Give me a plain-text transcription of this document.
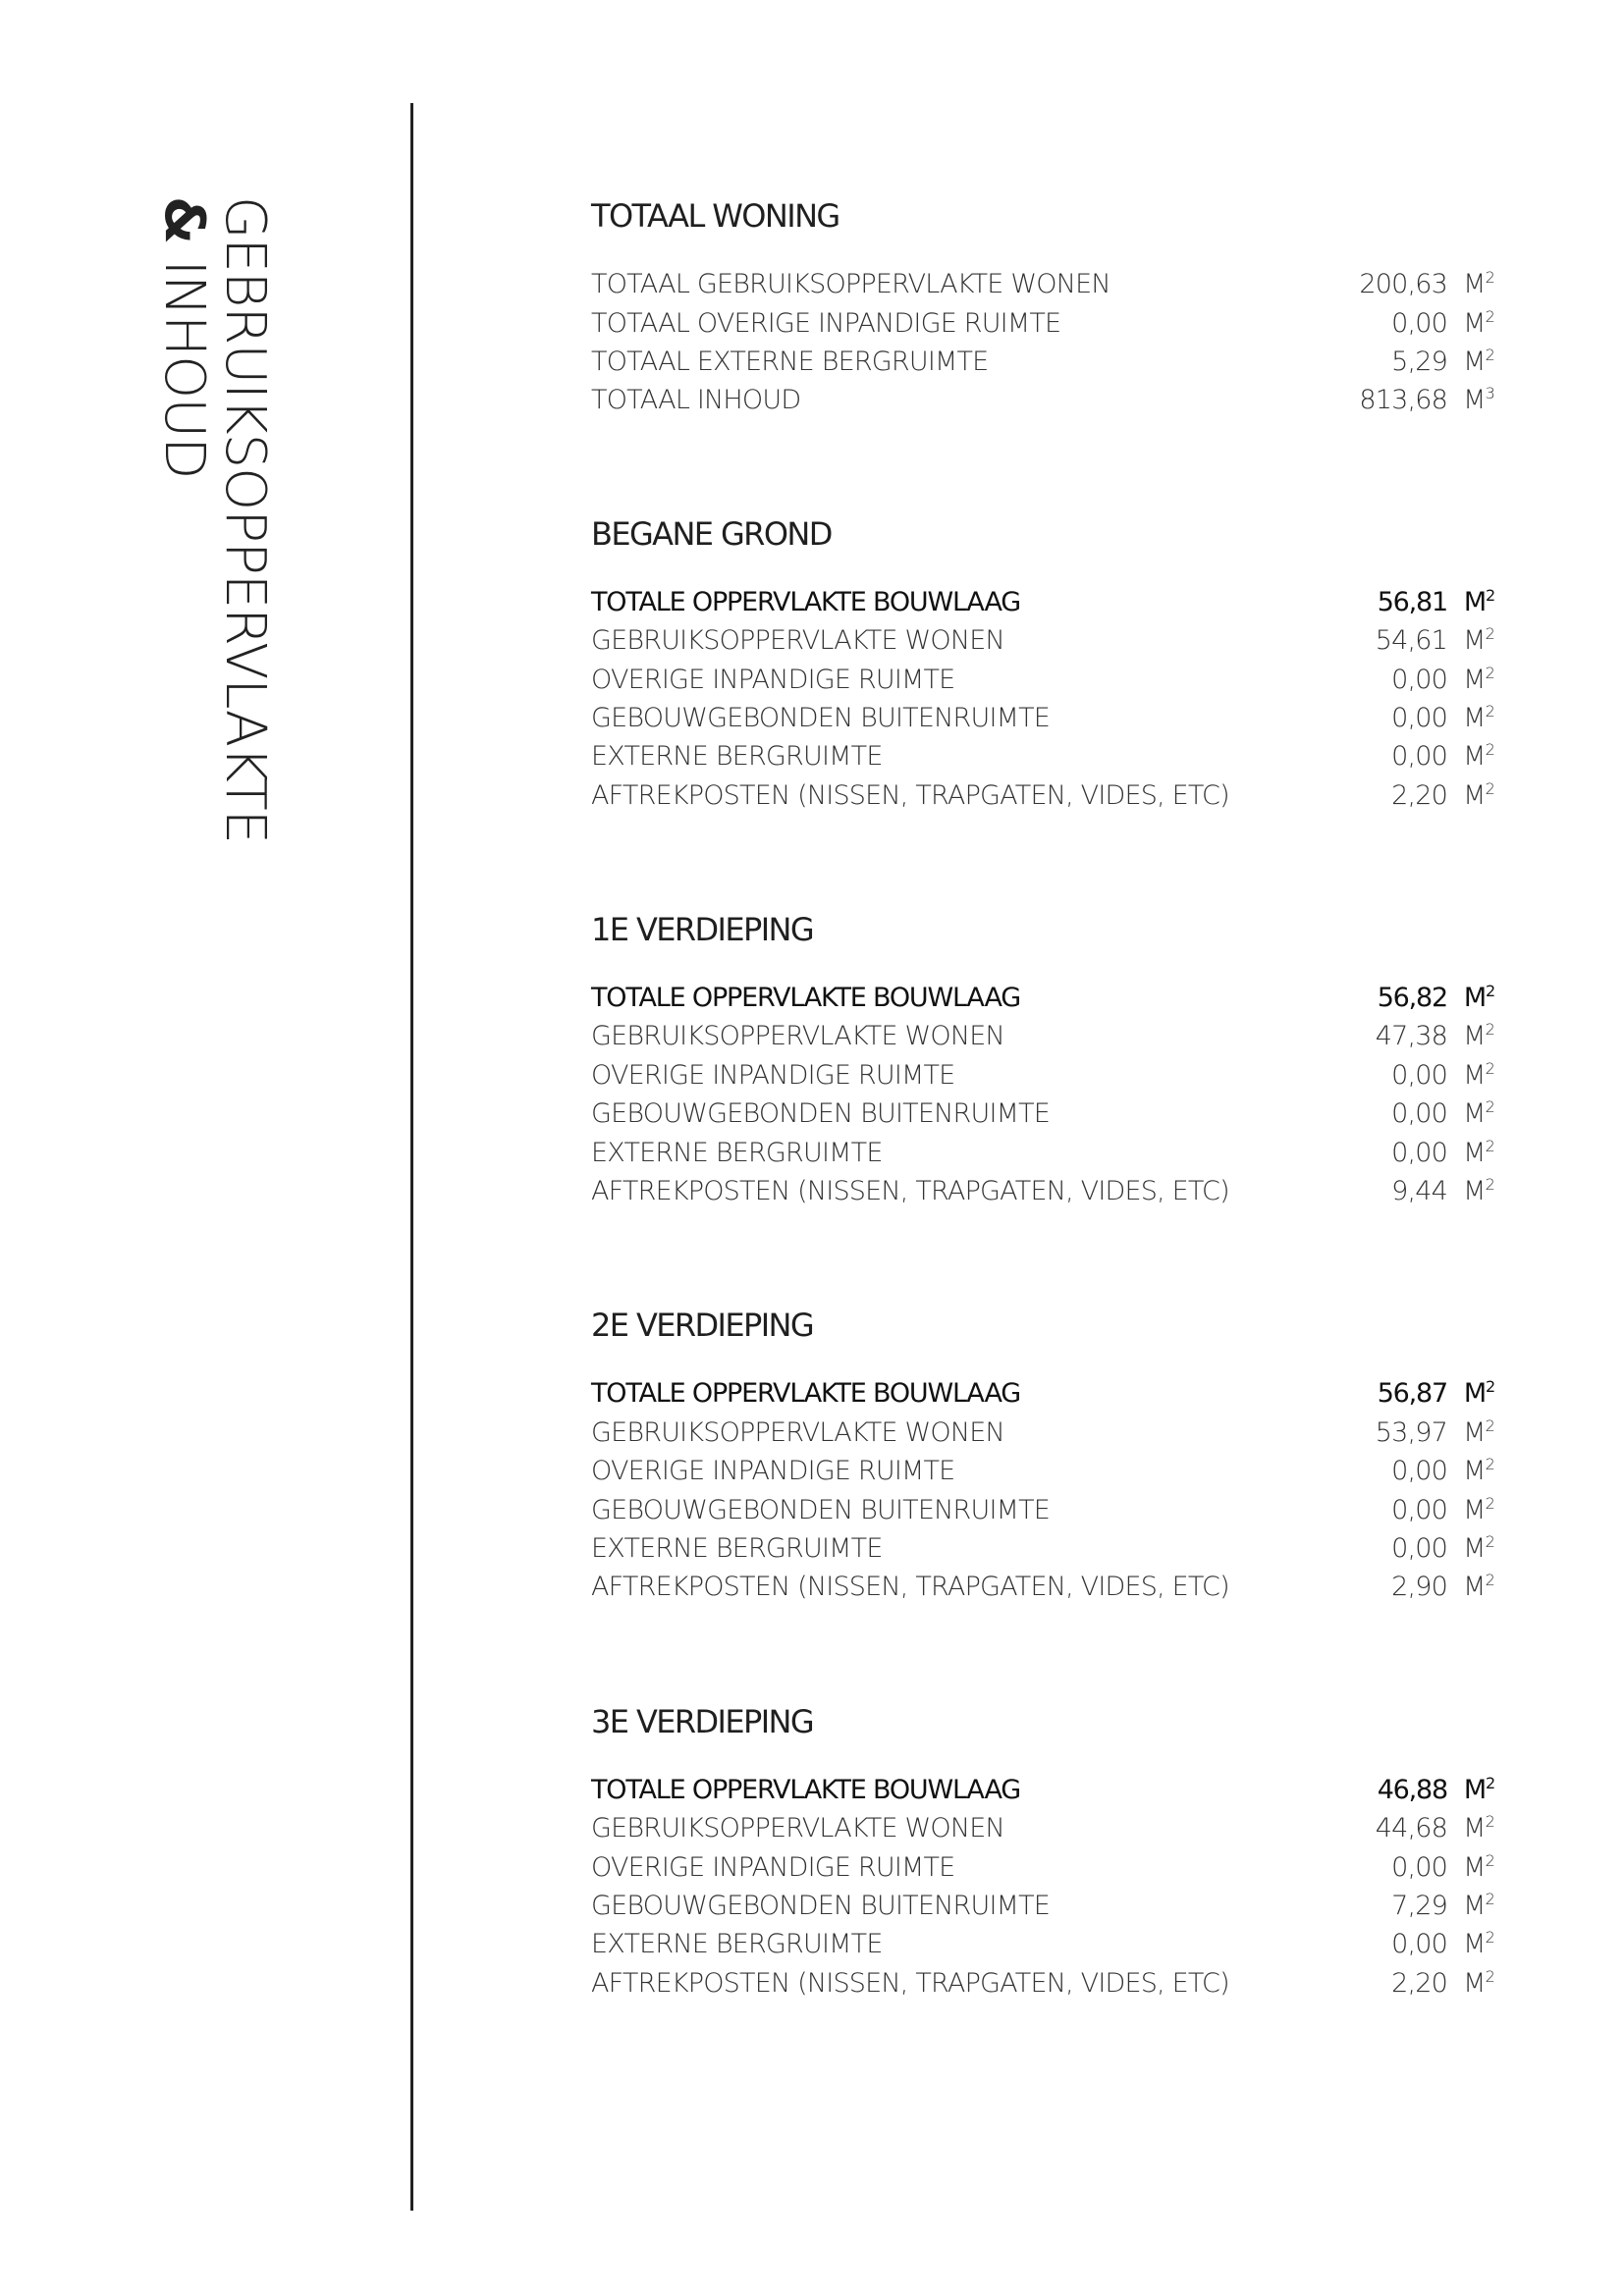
GEBRUIKSOPPERVLAKTE
& INHOUD
TOTAAL WONING
TOTAAL GEBRUIKSOPPERVLAKTE WONEN	200,63 $M^2$
TOTAAL OVERIGE INPANDIGE RUIMTE	0,00 $M^2$
TOTAAL EXTERNE BERGRUIMTE	5,29 $M^2$
TOTAAL INHOUD	813,68 $M^3$
BEGANE GROND
TOTALE OPPERVLAKTE BOUWLAAG	56,81 $M^2$
GEBRUIKSOPPERVLAKTE WONEN	54,61 $M^2$
OVERIGE INPANDIGE RUIMTE	0,00 $M^2$
GEBOUWGEBONDEN BUITENRUIMTE	0,00 $M^2$
EXTERNE BERGRUIMTE	0,00 $M^2$
AFTREKPOSTEN (NISSEN, TRAPGATEN, VIDES, ETC)	2,20 $M^2$
1E VERDIEPING
TOTALE OPPERVLAKTE BOUWLAAG	56,82 $M^2$
GEBRUIKSOPPERVLAKTE WONEN	47,38 $M^2$
OVERIGE INPANDIGE RUIMTE	0,00 $M^2$
GEBOUWGEBONDEN BUITENRUIMTE	0,00 $M^2$
EXTERNE BERGRUIMTE	0,00 $M^2$
AFTREKPOSTEN (NISSEN, TRAPGATEN, VIDES, ETC)	9,44 $M^2$
2E VERDIEPING
TOTALE OPPERVLAKTE BOUWLAAG	56,87 $M^2$
GEBRUIKSOPPERVLAKTE WONEN	53,97 $M^2$
OVERIGE INPANDIGE RUIMTE	0,00 $M^2$
GEBOUWGEBONDEN BUITENRUIMTE	0,00 $M^2$
EXTERNE BERGRUIMTE	0,00 $M^2$
AFTREKPOSTEN (NISSEN, TRAPGATEN, VIDES, ETC)	2,90 $M^2$
3E VERDIEPING
TOTALE OPPERVLAKTE BOUWLAAG	46,88 $M^2$
GEBRUIKSOPPERVLAKTE WONEN	44,68 $M^2$
OVERIGE INPANDIGE RUIMTE	0,00 $M^2$
GEBOUWGEBONDEN BUITENRUIMTE	7,29 $M^2$
EXTERNE BERGRUIMTE	0,00 $M^2$
AFTREKPOSTEN (NISSEN, TRAPGATEN, VIDES, ETC)	2,20 $M^2$
